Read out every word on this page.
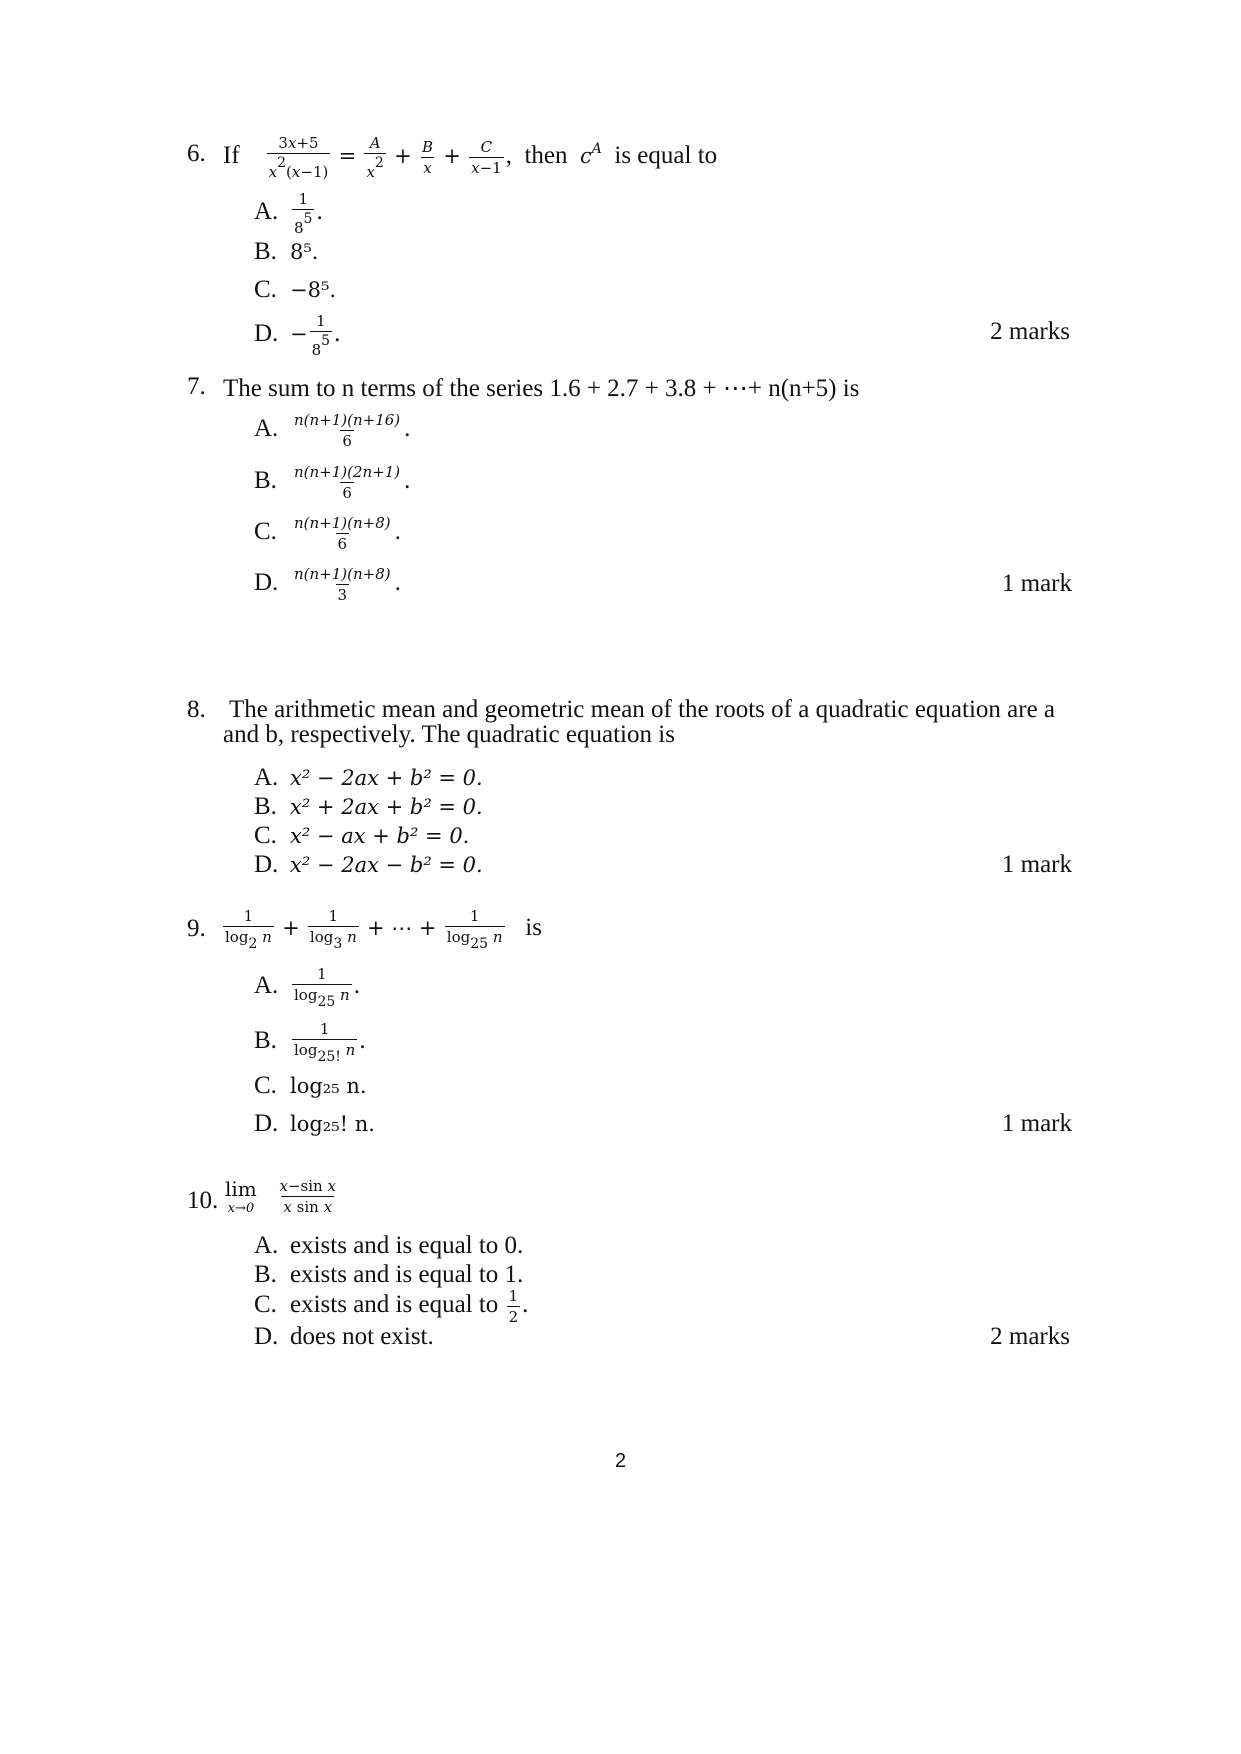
6. If $\frac{3x+5}{x^2(x-1)} = \frac{A}{x^2} + \frac{B}{x} + \frac{C}{x-1}$ ,  then $c^A$ is equal to
A. $\frac{1}{8^5}$ .
B. 8⁵.
C. −8⁵.
D. − $\frac{1}{8^5}$ .	2 marks
7. The sum to n terms of the series 1.6 + 2.7 + 3.8 + ⋯+ n(n+5) is
A. $\frac{n(n+1)(n+16)}{6}$ .
B. $\frac{n(n+1)(2n+1)}{6}$ .
C. $\frac{n(n+1)(n+8)}{6}$ .
D. $\frac{n(n+1)(n+8)}{3}$ .	1 mark
8. The arithmetic mean and geometric mean of the roots of a quadratic equation are a
and b, respectively. The quadratic equation is
A. x² − 2ax + b² = 0.
B. x² + 2ax + b² = 0.
C. x² − ax + b² = 0.
D. x² − 2ax − b² = 0.	1 mark
9. $\frac{1}{\log_2 n} + \frac{1}{\log_3 n}$ + ⋯ + $\frac{1}{\log_{25} n}$ is
A. $\frac{1}{\log_{25} n}$ .
B. $\frac{1}{\log_{25!} n}$ .
C. log₂₅ n.
D. log₂₅! n.	1 mark
10. lim
x→0
$\frac{\text{x−sin x}}{\text{x sin x}}$
A. exists and is equal to 0.
B. exists and is equal to 1.
C. exists and is equal to $\frac{1}{2}$ .
D. does not exist.	2 marks
2
